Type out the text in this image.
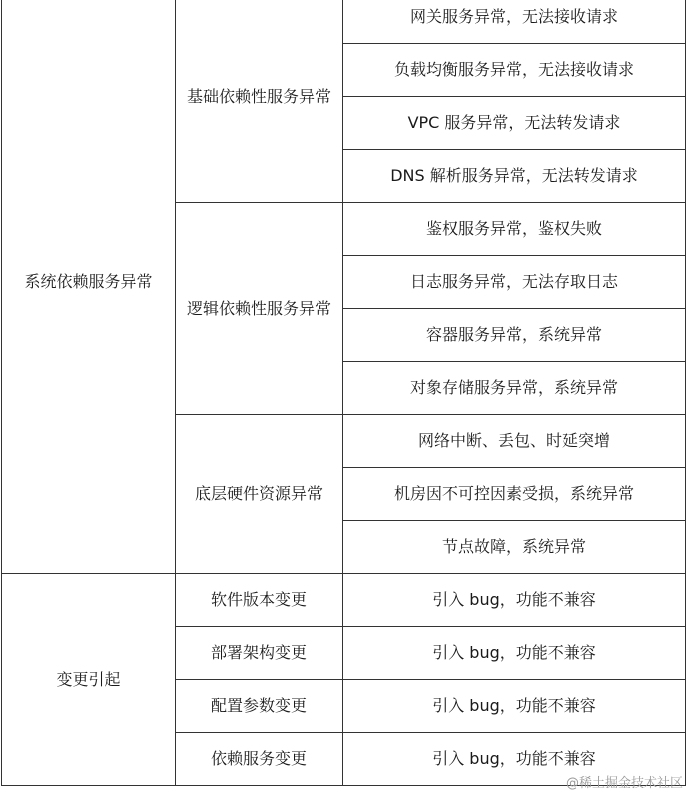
系统依赖服务异常	基础依赖性服务异常	网关服务异常，无法接收请求
		负载均衡服务异常，无法接收请求
		VPC 服务异常，无法转发请求
		DNS 解析服务异常，无法转发请求
	逻辑依赖性服务异常	鉴权服务异常，鉴权失败
		日志服务异常，无法存取日志
		容器服务异常，系统异常
		对象存储服务异常，系统异常
	底层硬件资源异常	网络中断、丢包、时延突增
		机房因不可控因素受损，系统异常
		节点故障，系统异常
变更引起	软件版本变更	引入 bug，功能不兼容
	部署架构变更	引入 bug，功能不兼容
	配置参数变更	引入 bug，功能不兼容
	依赖服务变更	引入 bug，功能不兼容
@稀土掘金技术社区
